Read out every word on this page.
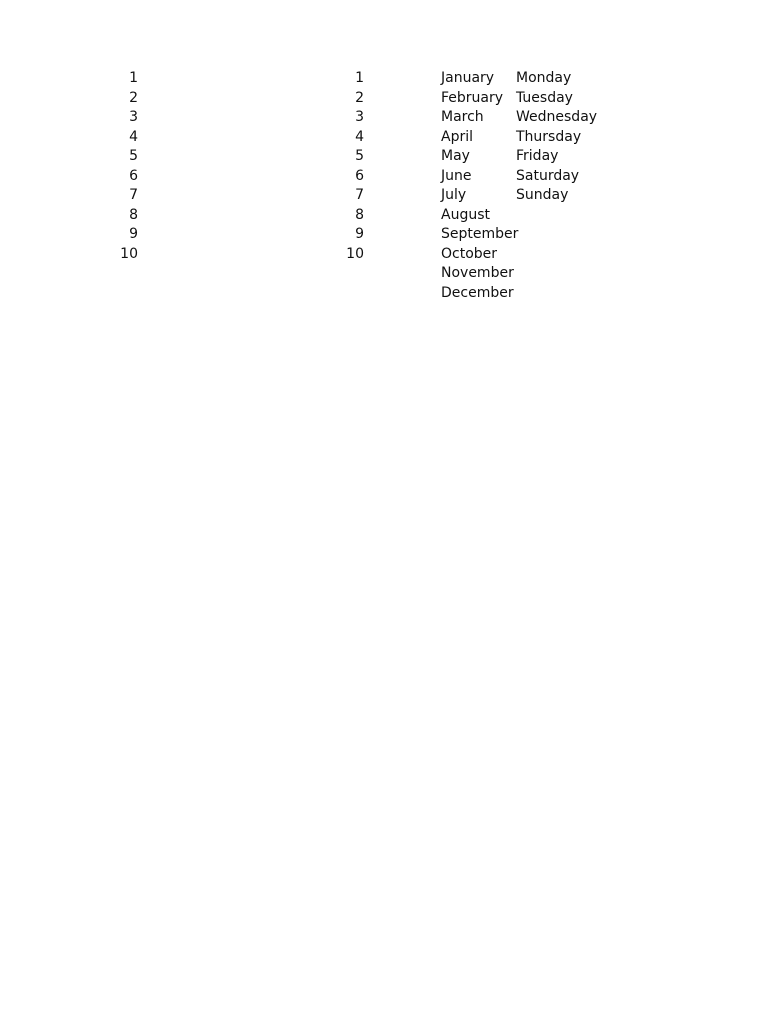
1
2
3
4
5
6
7
8
9
10
1
2
3
4
5
6
7
8
9
10
January
February
March
April
May
June
July
August
September
October
November
December
Monday
Tuesday
Wednesday
Thursday
Friday
Saturday
Sunday
